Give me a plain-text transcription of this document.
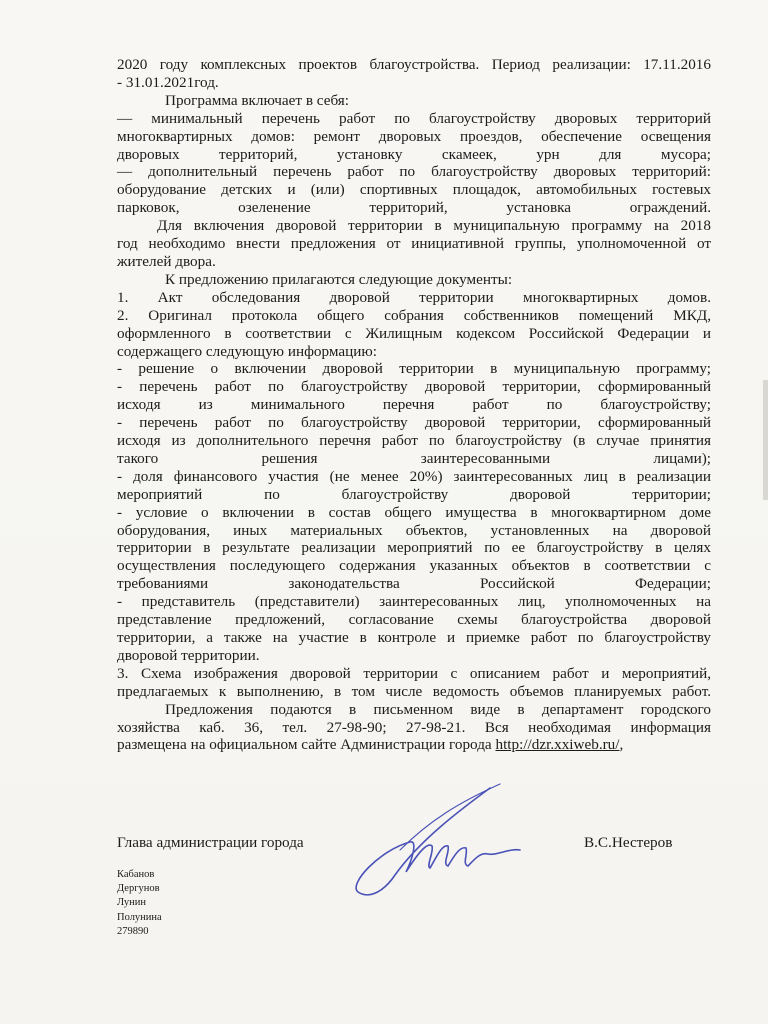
2020 году комплексных проектов благоустройства. Период реализации: 17.11.2016
- 31.01.2021год.
Программа включает в себя:
— минимальный перечень работ по благоустройству дворовых территорий
многоквартирных домов: ремонт дворовых проездов, обеспечение освещения
дворовых территорий, установку скамеек, урн для мусора;
— дополнительный перечень работ по благоустройству дворовых территорий:
оборудование детских и (или) спортивных площадок, автомобильных гостевых
парковок, озеленение территорий, установка ограждений.
Для включения дворовой территории в муниципальную программу на 2018
год необходимо внести предложения от инициативной группы, уполномоченной от
жителей двора.
К предложению прилагаются следующие документы:
1. Акт обследования дворовой территории многоквартирных домов.
2. Оригинал протокола общего собрания собственников помещений МКД,
оформленного в соответствии с Жилищным кодексом Российской Федерации и
содержащего следующую информацию:
- решение о включении дворовой территории в муниципальную программу;
- перечень работ по благоустройству дворовой территории, сформированный
исходя из минимального перечня работ по благоустройству;
- перечень работ по благоустройству дворовой территории, сформированный
исходя из дополнительного перечня работ по благоустройству (в случае принятия
такого решения заинтересованными лицами);
- доля финансового участия (не менее 20%) заинтересованных лиц в реализации
мероприятий по благоустройству дворовой территории;
- условие о включении в состав общего имущества в многоквартирном доме
оборудования, иных материальных объектов, установленных на дворовой
территории в результате реализации мероприятий по ее благоустройству в целях
осуществления последующего содержания указанных объектов в соответствии с
требованиями законодательства Российской Федерации;
- представитель (представители) заинтересованных лиц, уполномоченных на
представление предложений, согласование схемы благоустройства дворовой
территории, а также на участие в контроле и приемке работ по благоустройству
дворовой территории.
3. Схема изображения дворовой территории с описанием работ и мероприятий,
предлагаемых к выполнению, в том числе ведомость объемов планируемых работ.
Предложения подаются в письменном виде в департамент городского
хозяйства каб. 36, тел. 27-98-90; 27-98-21. Вся необходимая информация
размещена на официальном сайте Администрации города http://dzr.xxiweb.ru/,
Глава администрации города	В.С.Нестеров
Кабанов
Дергунов
Лунин
Полунина
279890
